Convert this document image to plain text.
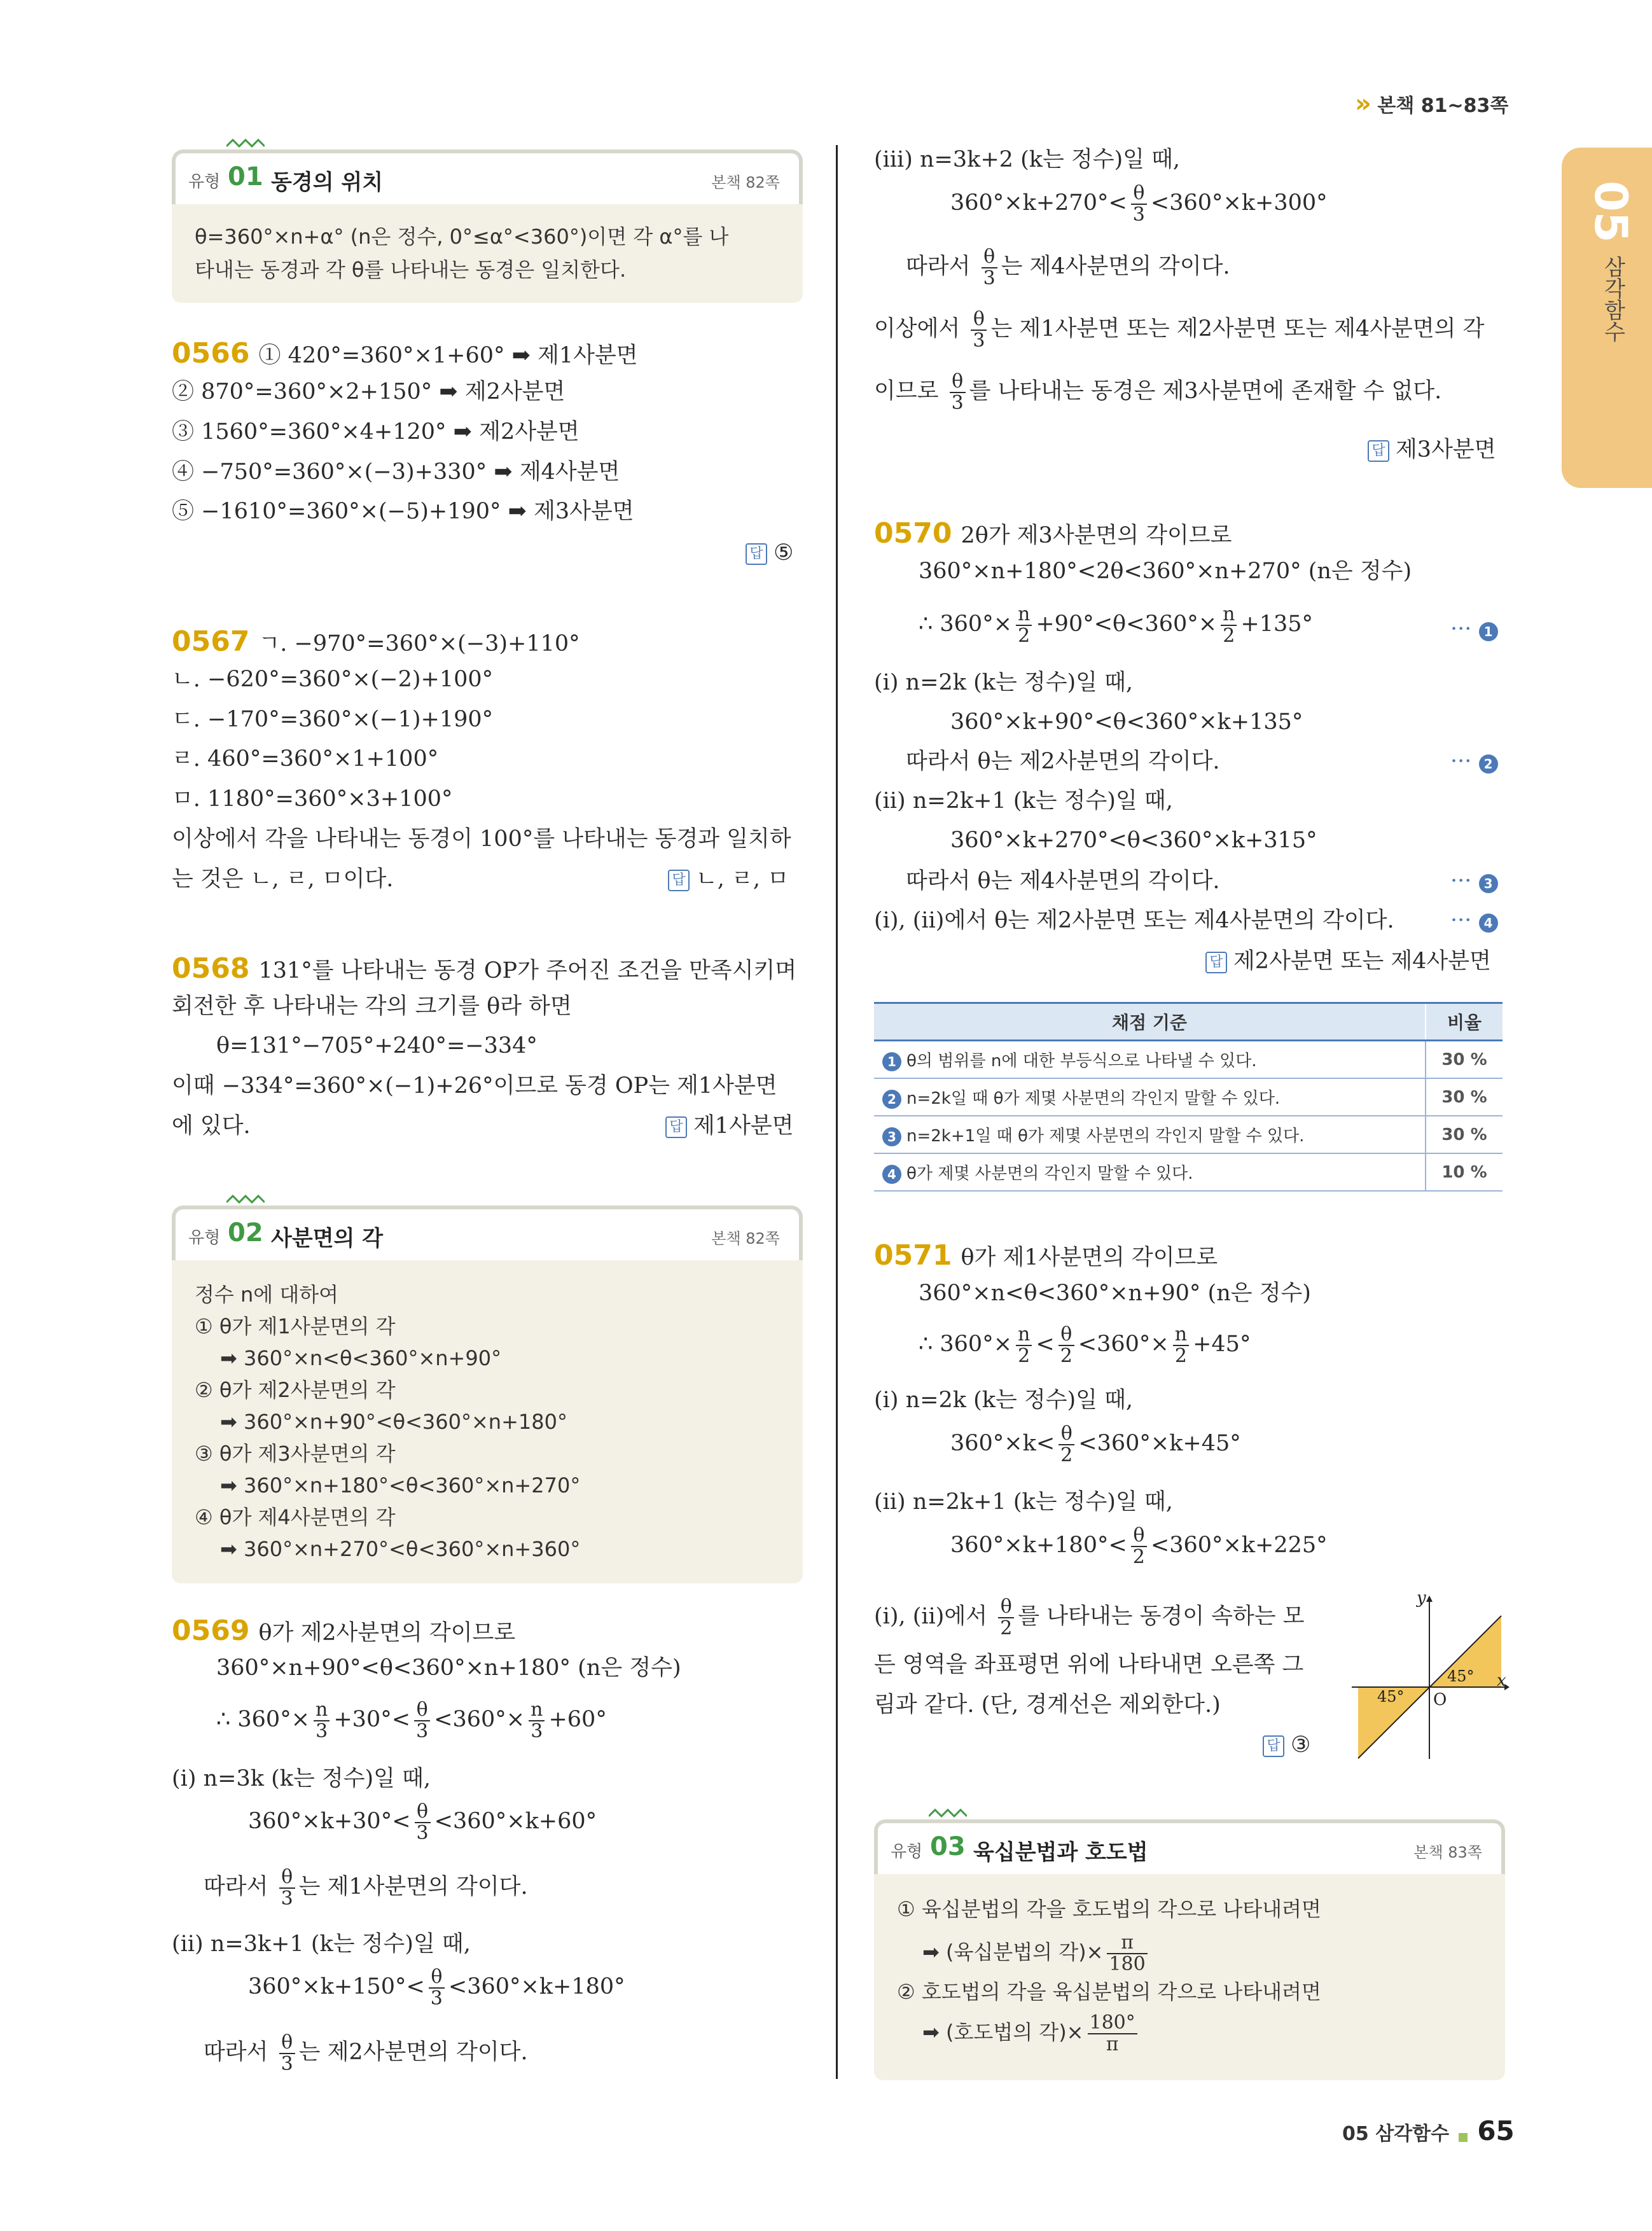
» 본책 81~83쪽
05
삼각함수
유형 01 동경의 위치	본책 82쪽
θ=360°×n+α° (n은 정수, 0°≤α°<360°)이면 각 α°를 나
타내는 동경과 각 θ를 나타내는 동경은 일치한다.
0566 ① 420°=360°×1+60° ➡ 제1사분면
② 870°=360°×2+150° ➡ 제2사분면
③ 1560°=360°×4+120° ➡ 제2사분면
④ −750°=360°×(−3)+330° ➡ 제4사분면
⑤ −1610°=360°×(−5)+190° ➡ 제3사분면
답 ⑤
0567 ㄱ. −970°=360°×(−3)+110°
ㄴ. −620°=360°×(−2)+100°
ㄷ. −170°=360°×(−1)+190°
ㄹ. 460°=360°×1+100°
ㅁ. 1180°=360°×3+100°
이상에서 각을 나타내는 동경이 100°를 나타내는 동경과 일치하
는 것은 ㄴ, ㄹ, ㅁ이다.	답 ㄴ, ㄹ, ㅁ
0568 131°를 나타내는 동경 OP가 주어진 조건을 만족시키며
회전한 후 나타내는 각의 크기를 θ라 하면
θ=131°−705°+240°=−334°
이때 −334°=360°×(−1)+26°이므로 동경 OP는 제1사분면
에 있다.	답 제1사분면
유형 02 사분면의 각	본책 82쪽
정수 n에 대하여
① θ가 제1사분면의 각
➡ 360°×n<θ<360°×n+90°
② θ가 제2사분면의 각
➡ 360°×n+90°<θ<360°×n+180°
③ θ가 제3사분면의 각
➡ 360°×n+180°<θ<360°×n+270°
④ θ가 제4사분면의 각
➡ 360°×n+270°<θ<360°×n+360°
0569 θ가 제2사분면의 각이므로
360°×n+90°<θ<360°×n+180° (n은 정수)
∴ $360^\circ\times \frac{n}{3} +30^\circ< \frac{\theta}{3} <360^\circ\times \frac{n}{3} +60^\circ$
(ⅰ) n=3k (k는 정수)일 때,
$360^\circ\times k+30^\circ< \frac{\theta}{3} <360^\circ\times k+60^\circ$
따라서 $\frac{\theta}{3}$ 는 제1사분면의 각이다.
(ⅱ) n=3k+1 (k는 정수)일 때,
$360^\circ\times k+150^\circ< \frac{\theta}{3} <360^\circ\times k+180^\circ$
따라서 $\frac{\theta}{3}$ 는 제2사분면의 각이다.
(ⅲ) n=3k+2 (k는 정수)일 때,
$360^\circ\times k+270^\circ< \frac{\theta}{3} <360^\circ\times k+300^\circ$
따라서 $\frac{\theta}{3}$ 는 제4사분면의 각이다.
이상에서 $\frac{\theta}{3}$ 는 제1사분면 또는 제2사분면 또는 제4사분면의 각
이므로 $\frac{\theta}{3}$ 를 나타내는 동경은 제3사분면에 존재할 수 없다.
답 제3사분면
0570 2θ가 제3사분면의 각이므로
360°×n+180°<2θ<360°×n+270° (n은 정수)
∴ $360^\circ\times \frac{n}{2} +90^\circ<\theta<360^\circ\times \frac{n}{2} +135^\circ$	··· 1
(ⅰ) n=2k (k는 정수)일 때,
360°×k+90°<θ<360°×k+135°
따라서 θ는 제2사분면의 각이다.	··· 2
(ⅱ) n=2k+1 (k는 정수)일 때,
360°×k+270°<θ<360°×k+315°
따라서 θ는 제4사분면의 각이다.	··· 3
(ⅰ), (ⅱ)에서 θ는 제2사분면 또는 제4사분면의 각이다.	··· 4
답 제2사분면 또는 제4사분면
채점 기준	비율
1 θ의 범위를 n에 대한 부등식으로 나타낼 수 있다.	30 %
2 n=2k일 때 θ가 제몇 사분면의 각인지 말할 수 있다.	30 %
3 n=2k+1일 때 θ가 제몇 사분면의 각인지 말할 수 있다.	30 %
4 θ가 제몇 사분면의 각인지 말할 수 있다.	10 %
0571 θ가 제1사분면의 각이므로
360°×n<θ<360°×n+90° (n은 정수)
∴ $360^\circ\times \frac{n}{2} < \frac{\theta}{2} <360^\circ\times \frac{n}{2} +45^\circ$
(ⅰ) n=2k (k는 정수)일 때,
$360^\circ\times k< \frac{\theta}{2} <360^\circ\times k+45^\circ$
(ⅱ) n=2k+1 (k는 정수)일 때,
$360^\circ\times k+180^\circ< \frac{\theta}{2} <360^\circ\times k+225^\circ$
(ⅰ), (ⅱ)에서 $\frac{\theta}{2}$ 를 나타내는 동경이 속하는 모
든 영역을 좌표평면 위에 나타내면 오른쪽 그
림과 같다. (단, 경계선은 제외한다.)
답 ③
y
x
O
45°
45°
유형 03 육십분법과 호도법	본책 83쪽
① 육십분법의 각을 호도법의 각으로 나타내려면
➡ (육십분법의 각)× $\frac{\pi}{180}$
② 호도법의 각을 육십분법의 각으로 나타내려면
➡ (호도법의 각)× $\frac{180^\circ}{\pi}$
05 삼각함수 65
